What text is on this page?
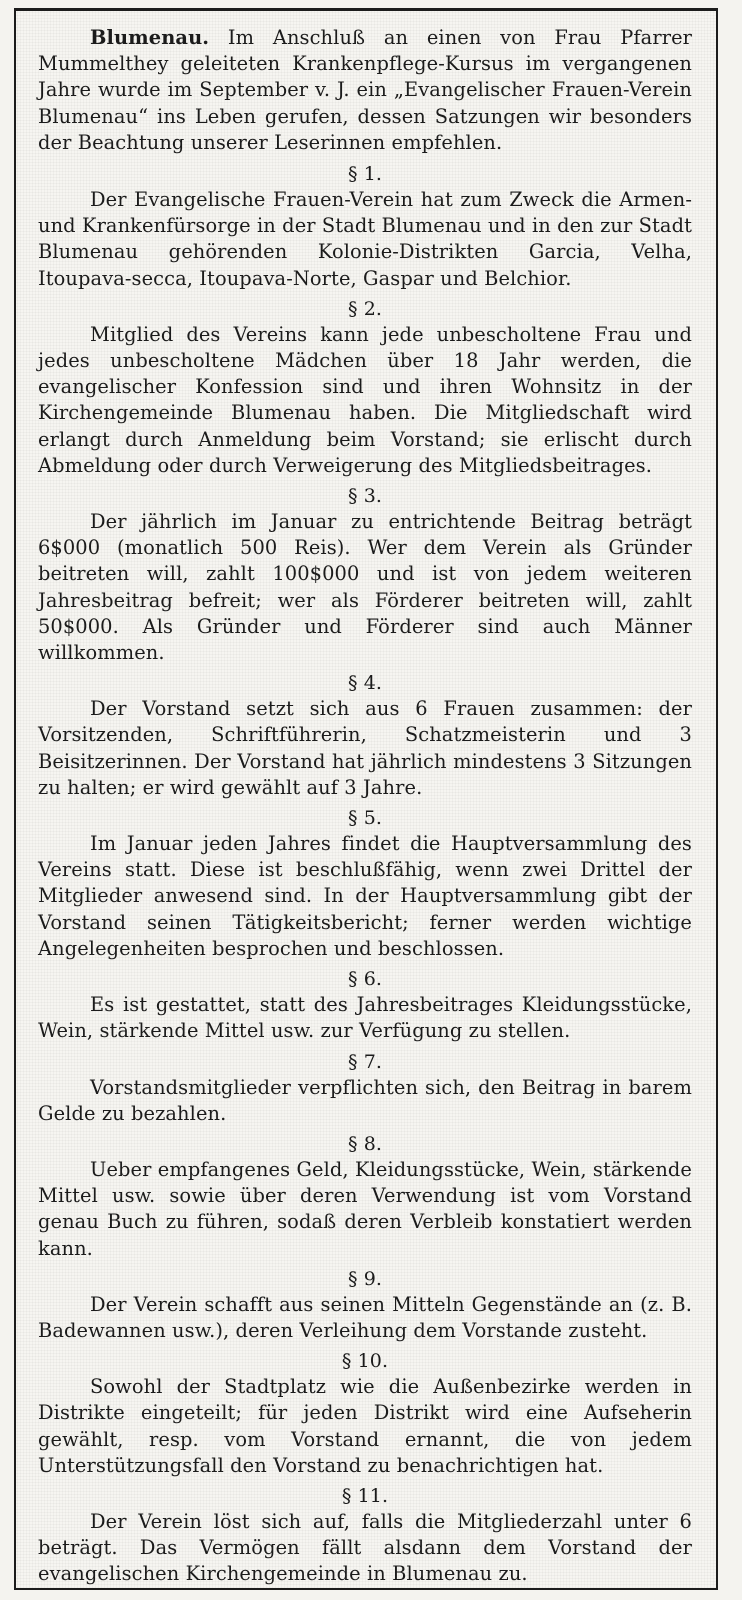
Blumenau. Im Anschluß an einen von Frau Pfarrer Mummelthey geleiteten Krankenpflege-Kursus im vergangenen Jahre wurde im September v. J. ein „Evangelischer Frauen-Verein Blumenau“ ins Leben gerufen, dessen Satzungen wir besonders der Beachtung unserer Leserinnen empfehlen.

§ 1.

Der Evangelische Frauen-Verein hat zum Zweck die Armen- und Krankenfürsorge in der Stadt Blumenau und in den zur Stadt Blumenau gehörenden Kolonie-Distrikten Garcia, Velha, Itoupava-secca, Itoupava-Norte, Gaspar und Belchior.

§ 2.

Mitglied des Vereins kann jede unbescholtene Frau und jedes unbescholtene Mädchen über 18 Jahr werden, die evangelischer Konfession sind und ihren Wohnsitz in der Kirchengemeinde Blumenau haben. Die Mitgliedschaft wird erlangt durch Anmeldung beim Vorstand; sie erlischt durch Abmeldung oder durch Verweigerung des Mitgliedsbeitrages.

§ 3.

Der jährlich im Januar zu entrichtende Beitrag beträgt 6$000 (monatlich 500 Reis). Wer dem Verein als Gründer beitreten will, zahlt 100$000 und ist von jedem weiteren Jahresbeitrag befreit; wer als Förderer beitreten will, zahlt 50$000. Als Gründer und Förderer sind auch Männer willkommen.

§ 4.

Der Vorstand setzt sich aus 6 Frauen zusammen: der Vorsitzenden, Schriftführerin, Schatzmeisterin und 3 Beisitzerinnen. Der Vorstand hat jährlich mindestens 3 Sitzungen zu halten; er wird gewählt auf 3 Jahre.

§ 5.

Im Januar jeden Jahres findet die Hauptversammlung des Vereins statt. Diese ist beschlußfähig, wenn zwei Drittel der Mitglieder anwesend sind. In der Hauptversammlung gibt der Vorstand seinen Tätigkeitsbericht; ferner werden wichtige Angelegenheiten besprochen und beschlossen.

§ 6.

Es ist gestattet, statt des Jahresbeitrages Kleidungsstücke, Wein, stärkende Mittel usw. zur Verfügung zu stellen.

§ 7.

Vorstandsmitglieder verpflichten sich, den Beitrag in barem Gelde zu bezahlen.

§ 8.

Ueber empfangenes Geld, Kleidungsstücke, Wein, stärkende Mittel usw. sowie über deren Verwendung ist vom Vorstand genau Buch zu führen, sodaß deren Verbleib konstatiert werden kann.

§ 9.

Der Verein schafft aus seinen Mitteln Gegenstände an (z. B. Badewannen usw.), deren Verleihung dem Vorstande zusteht.

§ 10.

Sowohl der Stadtplatz wie die Außenbezirke werden in Distrikte eingeteilt; für jeden Distrikt wird eine Aufseherin gewählt, resp. vom Vorstand ernannt, die von jedem Unterstützungsfall den Vorstand zu benachrichtigen hat.

§ 11.

Der Verein löst sich auf, falls die Mitgliederzahl unter 6 beträgt. Das Vermögen fällt alsdann dem Vorstand der evangelischen Kirchengemeinde in Blumenau zu.
